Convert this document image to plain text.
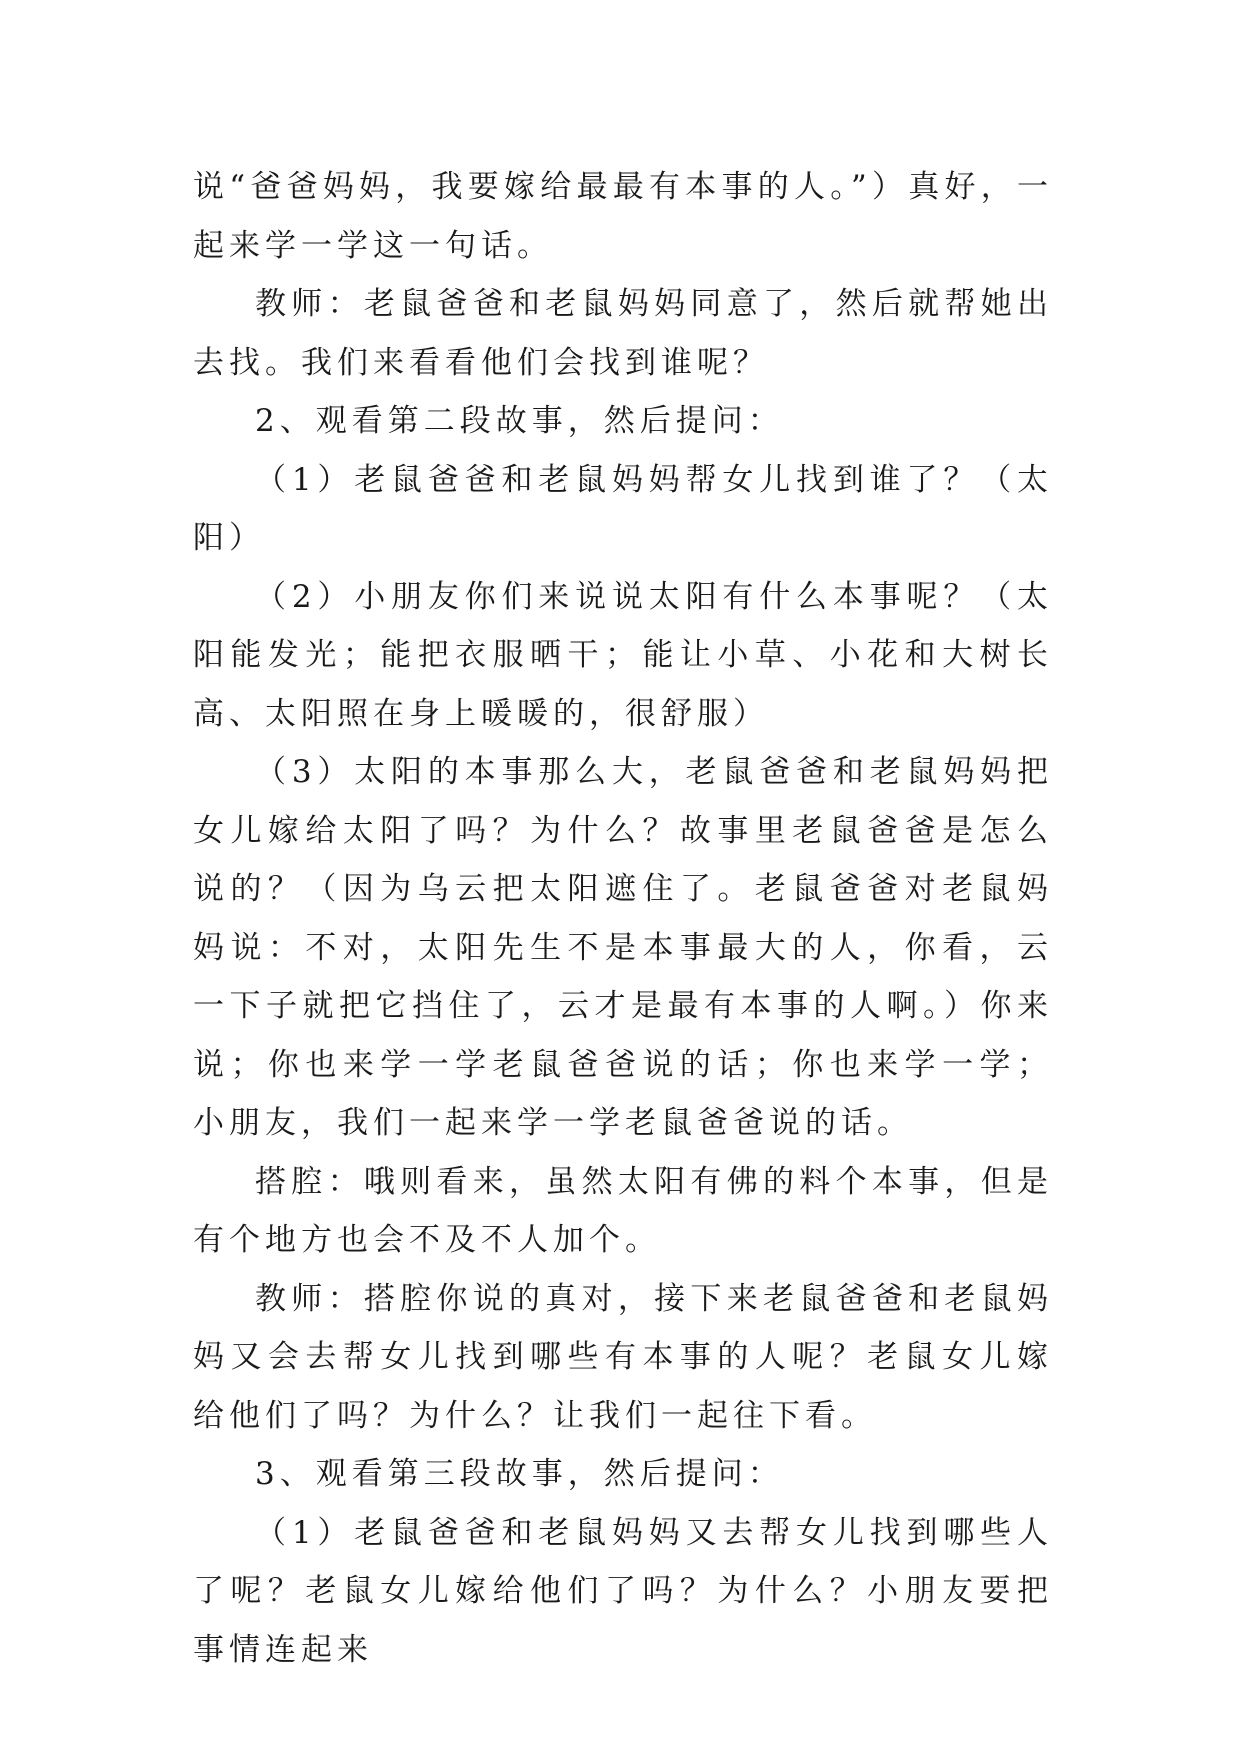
说“爸爸妈妈，我要嫁给最最有本事的人。”）真好，一起来学一学这一句话。

教师：老鼠爸爸和老鼠妈妈同意了，然后就帮她出去找。我们来看看他们会找到谁呢？

2、观看第二段故事，然后提问：

（1）老鼠爸爸和老鼠妈妈帮女儿找到谁了？（太阳）

（2）小朋友你们来说说太阳有什么本事呢？（太阳能发光；能把衣服晒干；能让小草、小花和大树长高、太阳照在身上暖暖的，很舒服）

（3）太阳的本事那么大，老鼠爸爸和老鼠妈妈把女儿嫁给太阳了吗？为什么？故事里老鼠爸爸是怎么说的？（因为乌云把太阳遮住了。老鼠爸爸对老鼠妈妈说：不对，太阳先生不是本事最大的人，你看，云一下子就把它挡住了，云才是最有本事的人啊。）你来说；你也来学一学老鼠爸爸说的话；你也来学一学；小朋友，我们一起来学一学老鼠爸爸说的话。

搭腔：哦则看来，虽然太阳有佛的料个本事，但是有个地方也会不及不人加个。

教师：搭腔你说的真对，接下来老鼠爸爸和老鼠妈妈又会去帮女儿找到哪些有本事的人呢？老鼠女儿嫁给他们了吗？为什么？让我们一起往下看。

3、观看第三段故事，然后提问：

（1）老鼠爸爸和老鼠妈妈又去帮女儿找到哪些人了呢？老鼠女儿嫁给他们了吗？为什么？小朋友要把事情连起来
